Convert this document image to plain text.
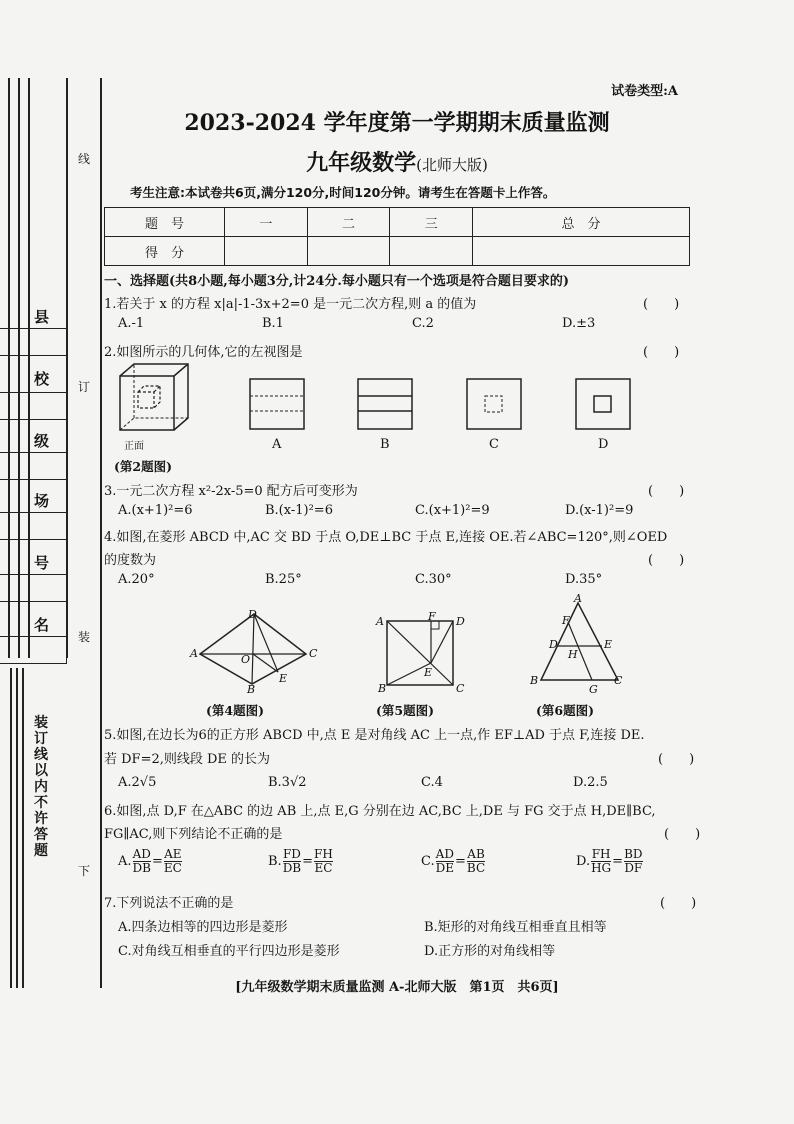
县
校
级
场
号
名
线
订
装
下
装订线以内不许答题
试卷类型:A
2023-2024 学年度第一学期期末质量监测
九年级数学(北师大版)
考生注意:本试卷共6页,满分120分,时间120分钟。请考生在答题卡上作答。
题　号	一	二	三	总　分
得　分				
一、选择题(共8小题,每小题3分,计24分.每小题只有一个选项是符合题目要求的)
1.若关于 x 的方程 x|a|-1-3x+2=0 是一元二次方程,则 a 的值为	(　　)
A.-1	B.1	C.2	D.±3
2.如图所示的几何体,它的左视图是	(　　)
正面	A	B	C	D
(第2题图)
3.一元二次方程 x²-2x-5=0 配方后可变形为	(　　)
A.(x+1)²=6	B.(x-1)²=6	C.(x+1)²=9	D.(x-1)²=9
4.如图,在菱形 ABCD 中,AC 交 BD 于点 O,DE⊥BC 于点 E,连接 OE.若∠ABC=120°,则∠OED
的度数为	(　　)
A.20°	B.25°	C.30°	D.35°
D
A	O	C
E
B
A	F D
E
B	C
A
F
D
H
E
B
G
C
(第4题图)	(第5题图)	(第6题图)
5.如图,在边长为6的正方形 ABCD 中,点 E 是对角线 AC 上一点,作 EF⊥AD 于点 F,连接 DE.
若 DF=2,则线段 DE 的长为	(　　)
A.2√5	B.3√2	C.4	D.2.5
6.如图,点 D,F 在△ABC 的边 AB 上,点 E,G 分别在边 AC,BC 上,DE 与 FG 交于点 H,DE∥BC,
FG∥AC,则下列结论不正确的是	(　　)
A. $\frac{AD}{DB} = \frac{AE}{EC}$	B. $\frac{FD}{DB} = \frac{FH}{EC}$	C. $\frac{AD}{DE} = \frac{AB}{BC}$	D. $\frac{FH}{HG} = \frac{BD}{DF}$
7.下列说法不正确的是	(　　)
A.四条边相等的四边形是菱形	B.矩形的对角线互相垂直且相等
C.对角线互相垂直的平行四边形是菱形	D.正方形的对角线相等
[九年级数学期末质量监测 A-北师大版　第1页　共6页]
